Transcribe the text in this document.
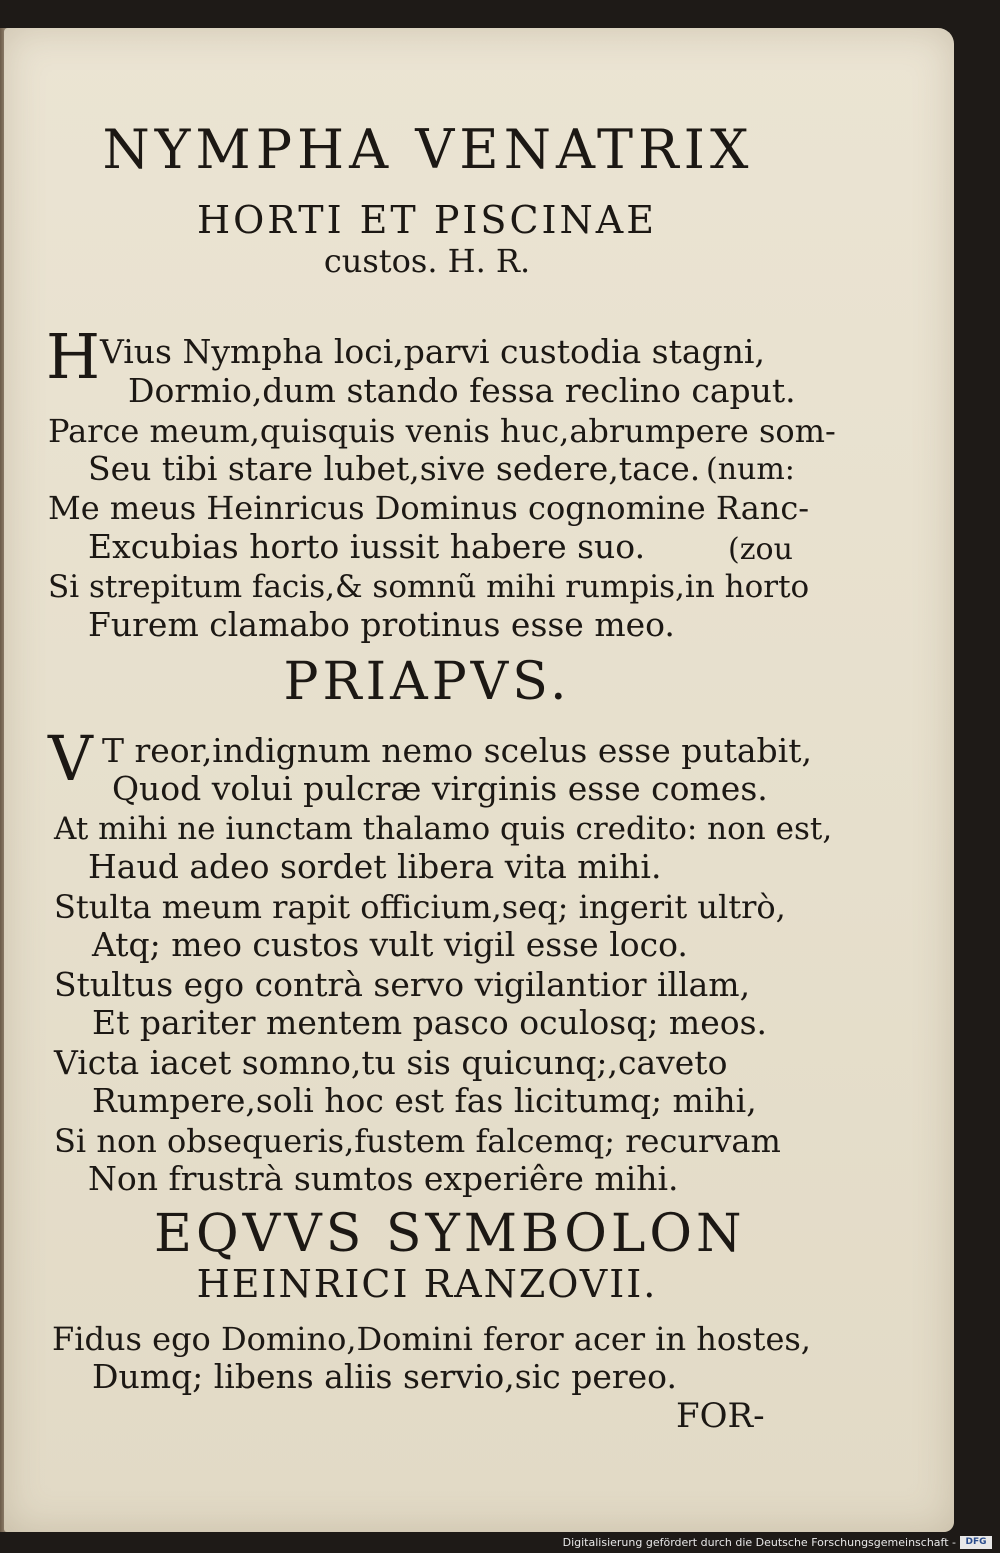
NYMPHA VENATRIX
HORTI ET PISCINAE
custos. H. R.
H Vius Nympha loci,parvi custodia stagni,
Dormio,dum stando fessa reclino caput.
Parce meum,quisquis venis huc,abrumpere som-
Seu tibi stare lubet,sive sedere,tace. (num:
Me meus Heinricus Dominus cognomine Ranc-
Excubias horto iussit habere suo.	(zou
Si strepitum facis,& somnũ mihi rumpis,in horto
Furem clamabo protinus esse meo.
PRIAPVS.
V T reor,indignum nemo scelus esse putabit,
Quod volui pulcræ virginis esse comes.
At mihi ne iunctam thalamo quis credito: non est,
Haud adeo sordet libera vita mihi.
Stulta meum rapit officium,seq; ingerit ultrò,
Atq; meo custos vult vigil esse loco.
Stultus ego contrà servo vigilantior illam,
Et pariter mentem pasco oculosq; meos.
Victa iacet somno,tu sis quicunq;,caveto
Rumpere,soli hoc est fas licitumq; mihi,
Si non obsequeris,fustem falcemq; recurvam
Non frustrà sumtos experiêre mihi.
EQVVS SYMBOLON
HEINRICI RANZOVII.
Fidus ego Domino,Domini feror acer in hostes,
Dumq; libens aliis servio,sic pereo.
FOR-
Digitalisierung gefördert durch die Deutsche Forschungsgemeinschaft -	DFG
